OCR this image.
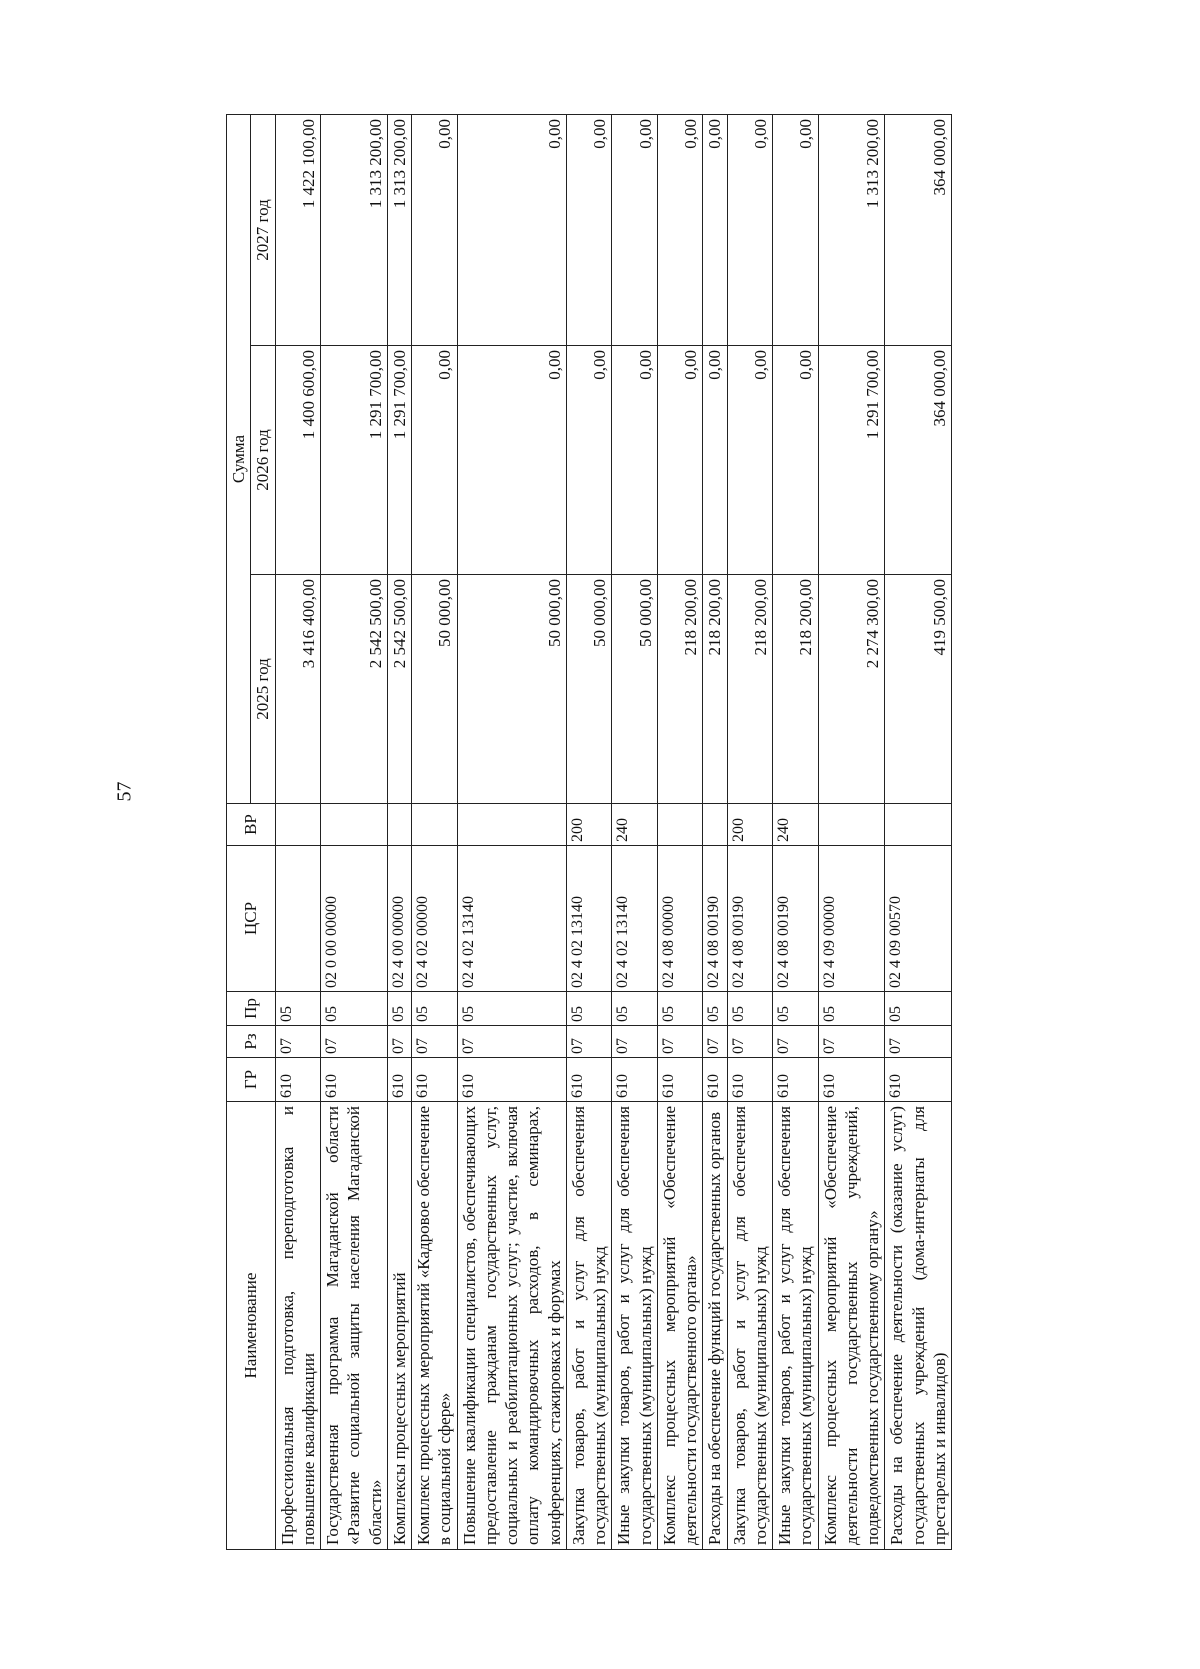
57
Наименование	ГР	Рз	Пр	ЦСР	ВР	Сумма		
						2025 год	2026 год	2027 год
Профессиональная подготовка, переподготовка и повышение квалификации	610	07	05			3 416 400,00	1 400 600,00	1 422 100,00
Государственная программа Магаданской области «Развитие социальной защиты населения Магаданской области»	610	07	05	02 0 00 00000		2 542 500,00	1 291 700,00	1 313 200,00
Комплексы процессных мероприятий	610	07	05	02 4 00 00000		2 542 500,00	1 291 700,00	1 313 200,00
Комплекс процессных мероприятий «Кадровое обеспечение в социальной сфере»	610	07	05	02 4 02 00000		50 000,00	0,00	0,00
Повышение квалификации специалистов, обеспечивающих предоставление гражданам государственных услуг, социальных и реабилитационных услуг; участие, включая оплату командировочных расходов, в семинарах, конференциях, стажировках и форумах	610	07	05	02 4 02 13140		50 000,00	0,00	0,00
Закупка товаров, работ и услуг для обеспечения государственных (муниципальных) нужд	610	07	05	02 4 02 13140	200	50 000,00	0,00	0,00
Иные закупки товаров, работ и услуг для обеспечения государственных (муниципальных) нужд	610	07	05	02 4 02 13140	240	50 000,00	0,00	0,00
Комплекс процессных мероприятий «Обеспечение деятельности государственного органа»	610	07	05	02 4 08 00000		218 200,00	0,00	0,00
Расходы на обеспечение функций государственных органов	610	07	05	02 4 08 00190		218 200,00	0,00	0,00
Закупка товаров, работ и услуг для обеспечения государственных (муниципальных) нужд	610	07	05	02 4 08 00190	200	218 200,00	0,00	0,00
Иные закупки товаров, работ и услуг для обеспечения государственных (муниципальных) нужд	610	07	05	02 4 08 00190	240	218 200,00	0,00	0,00
Комплекс процессных мероприятий «Обеспечение деятельности государственных учреждений, подведомственных государственному органу»	610	07	05	02 4 09 00000		2 274 300,00	1 291 700,00	1 313 200,00
Расходы на обеспечение деятельности (оказание услуг) государственных учреждений (дома-интернаты для престарелых и инвалидов)	610	07	05	02 4 09 00570		419 500,00	364 000,00	364 000,00
